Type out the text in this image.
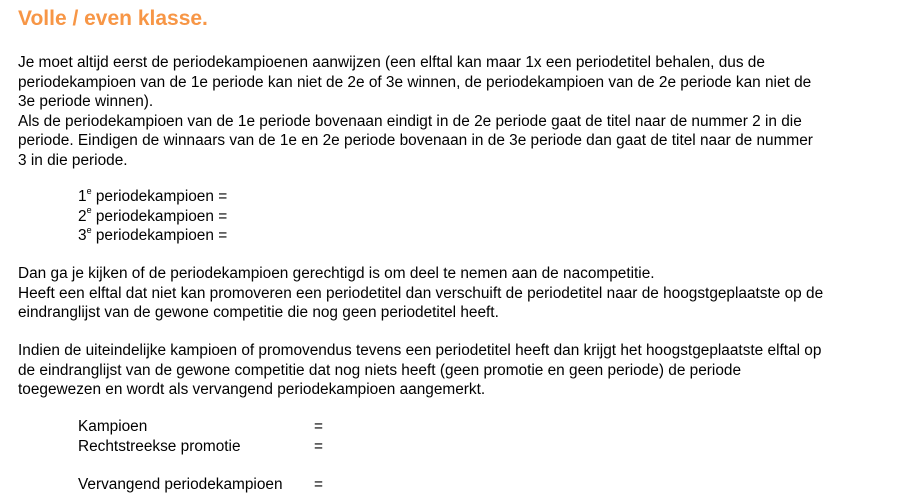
Volle / even klasse.
Je moet altijd eerst de periodekampioenen aanwijzen (een elftal kan maar 1x een periodetitel behalen, dus de
periodekampioen van de 1e periode kan niet de 2e of 3e winnen, de periodekampioen van de 2e periode kan niet de
3e periode winnen).
Als de periodekampioen van de 1e periode bovenaan eindigt in de 2e periode gaat de titel naar de nummer 2 in die
periode. Eindigen de winnaars van de 1e en 2e periode bovenaan in de 3e periode dan gaat de titel naar de nummer
3 in die periode.
1e periodekampioen =
$2^e$ periodekampioen =
$3^e$ periodekampioen =
Dan ga je kijken of de periodekampioen gerechtigd is om deel te nemen aan de nacompetitie.
Heeft een elftal dat niet kan promoveren een periodetitel dan verschuift de periodetitel naar de hoogstgeplaatste op de
eindranglijst van de gewone competitie die nog geen periodetitel heeft.
Indien de uiteindelijke kampioen of promovendus tevens een periodetitel heeft dan krijgt het hoogstgeplaatste elftal op
de eindranglijst van de gewone competitie dat nog niets heeft (geen promotie en geen periode) de periode
toegewezen en wordt als vervangend periodekampioen aangemerkt.
Kampioen	=
Rechtstreekse promotie	=
Vervangend periodekampioen	=
